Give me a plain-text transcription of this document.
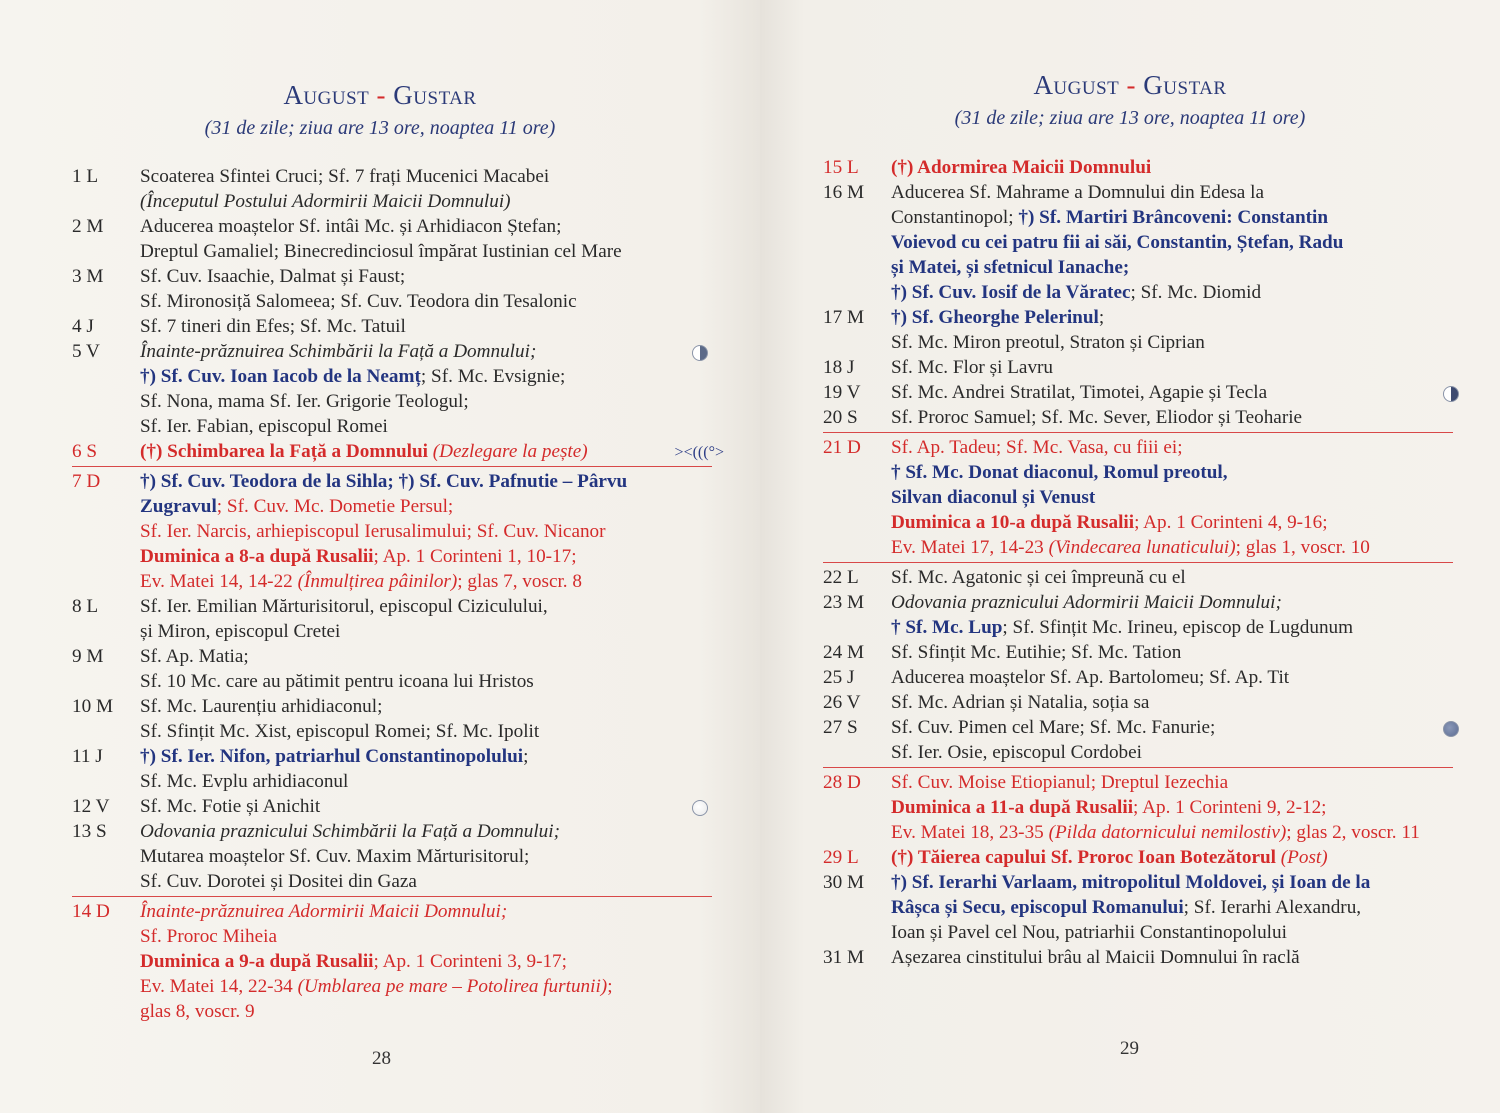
August - Gustar
(31 de zile; ziua are 13 ore, noaptea 11 ore)
1 L	Scoaterea Sfintei Cruci; Sf. 7 frați Mucenici Macabei
(Începutul Postului Adormirii Maicii Domnului)
2 M	Aducerea moaștelor Sf. intâi Mc. și Arhidiacon Ștefan;
Dreptul Gamaliel; Binecredinciosul împărat Iustinian cel Mare
3 M	Sf. Cuv. Isaachie, Dalmat și Faust;
Sf. Mironosiță Salomeea; Sf. Cuv. Teodora din Tesalonic
4 J	Sf. 7 tineri din Efes; Sf. Mc. Tatuil
5 V	Înainte-prăznuirea Schimbării la Față a Domnului;
†) Sf. Cuv. Ioan Iacob de la Neamț; Sf. Mc. Evsignie;
Sf. Nona, mama Sf. Ier. Grigorie Teologul;
Sf. Ier. Fabian, episcopul Romei
6 S	(†) Schimbarea la Față a Domnului (Dezlegare la pește)	><(((°>
7 D	†) Sf. Cuv. Teodora de la Sihla; †) Sf. Cuv. Pafnutie – Pârvu
Zugravul; Sf. Cuv. Mc. Dometie Persul;
Sf. Ier. Narcis, arhiepiscopul Ierusalimului; Sf. Cuv. Nicanor
Duminica a 8-a după Rusalii; Ap. 1 Corinteni 1, 10-17;
Ev. Matei 14, 14-22 (Înmulțirea pâinilor); glas 7, voscr. 8
8 L	Sf. Ier. Emilian Mărturisitorul, episcopul Ciziculului,
și Miron, episcopul Cretei
9 M	Sf. Ap. Matia;
Sf. 10 Mc. care au pătimit pentru icoana lui Hristos
10 M	Sf. Mc. Laurențiu arhidiaconul;
Sf. Sfințit Mc. Xist, episcopul Romei; Sf. Mc. Ipolit
11 J	†) Sf. Ier. Nifon, patriarhul Constantinopolului;
Sf. Mc. Evplu arhidiaconul
12 V	Sf. Mc. Fotie și Anichit
13 S	Odovania praznicului Schimbării la Față a Domnului;
Mutarea moaștelor Sf. Cuv. Maxim Mărturisitorul;
Sf. Cuv. Dorotei și Dositei din Gaza
14 D	Înainte-prăznuirea Adormirii Maicii Domnului;
Sf. Proroc Miheia
Duminica a 9-a după Rusalii; Ap. 1 Corinteni 3, 9-17;
Ev. Matei 14, 22-34 (Umblarea pe mare – Potolirea furtunii);
glas 8, voscr. 9
28
August - Gustar
(31 de zile; ziua are 13 ore, noaptea 11 ore)
15 L	(†) Adormirea Maicii Domnului
16 M	Aducerea Sf. Mahrame a Domnului din Edesa la
Constantinopol; †) Sf. Martiri Brâncoveni: Constantin
Voievod cu cei patru fii ai săi, Constantin, Ștefan, Radu
și Matei, și sfetnicul Ianache;
†) Sf. Cuv. Iosif de la Văratec; Sf. Mc. Diomid
17 M	†) Sf. Gheorghe Pelerinul;
Sf. Mc. Miron preotul, Straton și Ciprian
18 J	Sf. Mc. Flor și Lavru
19 V	Sf. Mc. Andrei Stratilat, Timotei, Agapie și Tecla
20 S	Sf. Proroc Samuel; Sf. Mc. Sever, Eliodor și Teoharie
21 D	Sf. Ap. Tadeu; Sf. Mc. Vasa, cu fiii ei;
† Sf. Mc. Donat diaconul, Romul preotul,
Silvan diaconul și Venust
Duminica a 10-a după Rusalii; Ap. 1 Corinteni 4, 9-16;
Ev. Matei 17, 14-23 (Vindecarea lunaticului); glas 1, voscr. 10
22 L	Sf. Mc. Agatonic și cei împreună cu el
23 M	Odovania praznicului Adormirii Maicii Domnului;
† Sf. Mc. Lup; Sf. Sfințit Mc. Irineu, episcop de Lugdunum
24 M	Sf. Sfințit Mc. Eutihie; Sf. Mc. Tation
25 J	Aducerea moaștelor Sf. Ap. Bartolomeu; Sf. Ap. Tit
26 V	Sf. Mc. Adrian și Natalia, soția sa
27 S	Sf. Cuv. Pimen cel Mare; Sf. Mc. Fanurie;
Sf. Ier. Osie, episcopul Cordobei
28 D	Sf. Cuv. Moise Etiopianul; Dreptul Iezechia
Duminica a 11-a după Rusalii; Ap. 1 Corinteni 9, 2-12;
Ev. Matei 18, 23-35 (Pilda datornicului nemilostiv); glas 2, voscr. 11
29 L	(†) Tăierea capului Sf. Proroc Ioan Botezătorul (Post)
30 M	†) Sf. Ierarhi Varlaam, mitropolitul Moldovei, și Ioan de la
Râșca și Secu, episcopul Romanului; Sf. Ierarhi Alexandru,
Ioan și Pavel cel Nou, patriarhii Constantinopolului
31 M	Așezarea cinstitului brâu al Maicii Domnului în raclă
29
